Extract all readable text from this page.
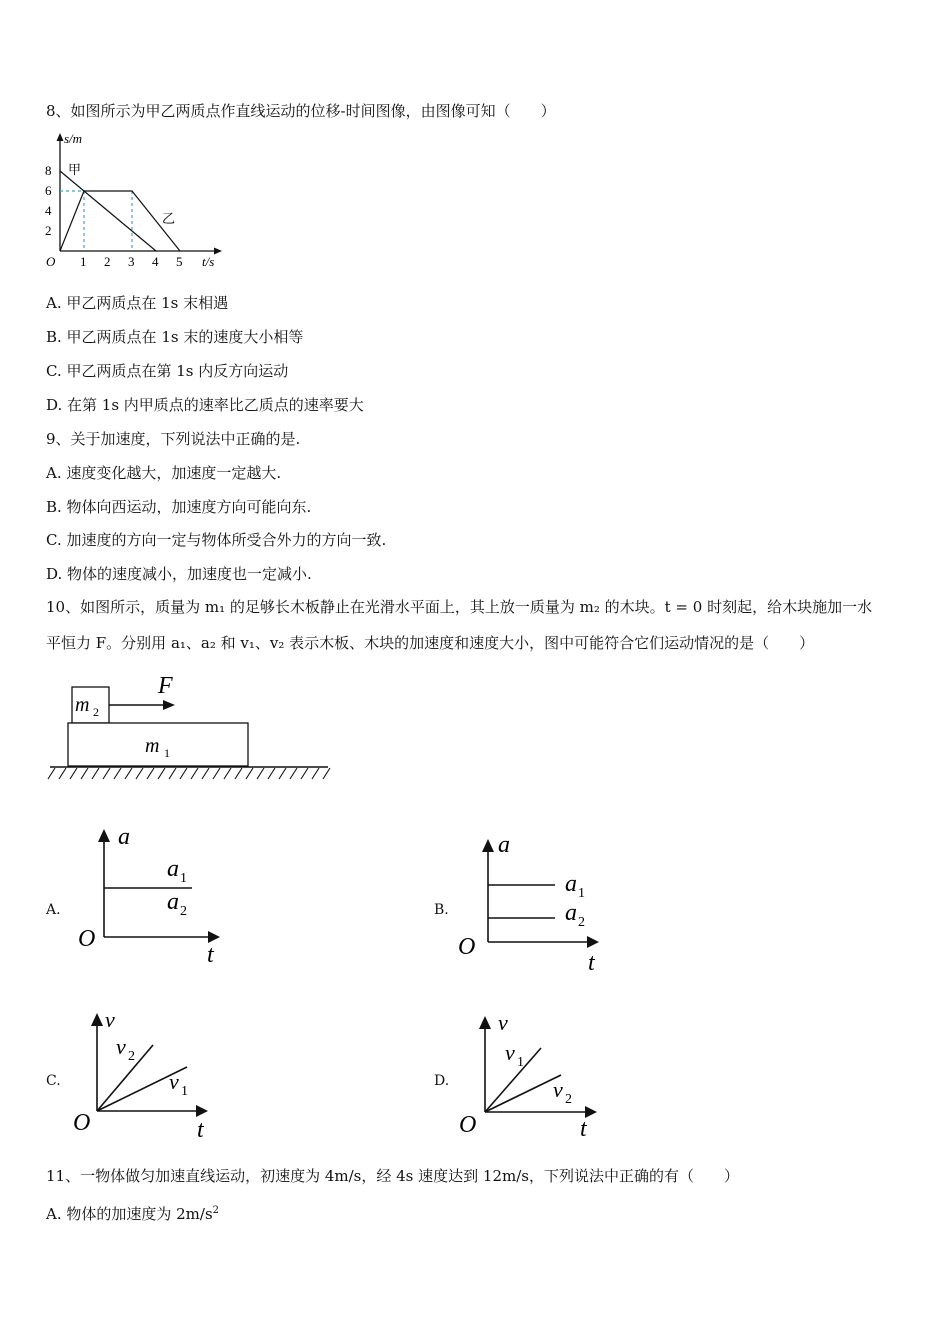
8、如图所示为甲乙两质点作直线运动的位移-时间图像，由图像可知（　　）
s/m
8
6
4
2
O 1 2 3 4 5 t/s
甲
乙
A. 甲乙两质点在 1s 末相遇
B. 甲乙两质点在 1s 末的速度大小相等
C. 甲乙两质点在第 1s 内反方向运动
D. 在第 1s 内甲质点的速率比乙质点的速率要大
9、关于加速度，下列说法中正确的是.
A. 速度变化越大，加速度一定越大.
B. 物体向西运动，加速度方向可能向东.
C. 加速度的方向一定与物体所受合外力的方向一致.
D. 物体的速度减小，加速度也一定减小.
10、如图所示，质量为 m₁ 的足够长木板静止在光滑水平面上，其上放一质量为 m₂ 的木块。t = 0 时刻起，给木块施加一水
平恒力 F。分别用 a₁、a₂ 和 v₁、v₂ 表示木板、木块的加速度和速度大小，图中可能符合它们运动情况的是（　　）
F
m 2
m 1
A.
a
t
O
a 1
a 2	B.
a
t
O
a 1
a 2
C.
v
t
O
v 2
v 1
D.
v
t
O
v 1
v 2
11、一物体做匀加速直线运动，初速度为 4m/s，经 4s 速度达到 12m/s，下列说法中正确的有（　　）
A. 物体的加速度为 $2m/s^2$
